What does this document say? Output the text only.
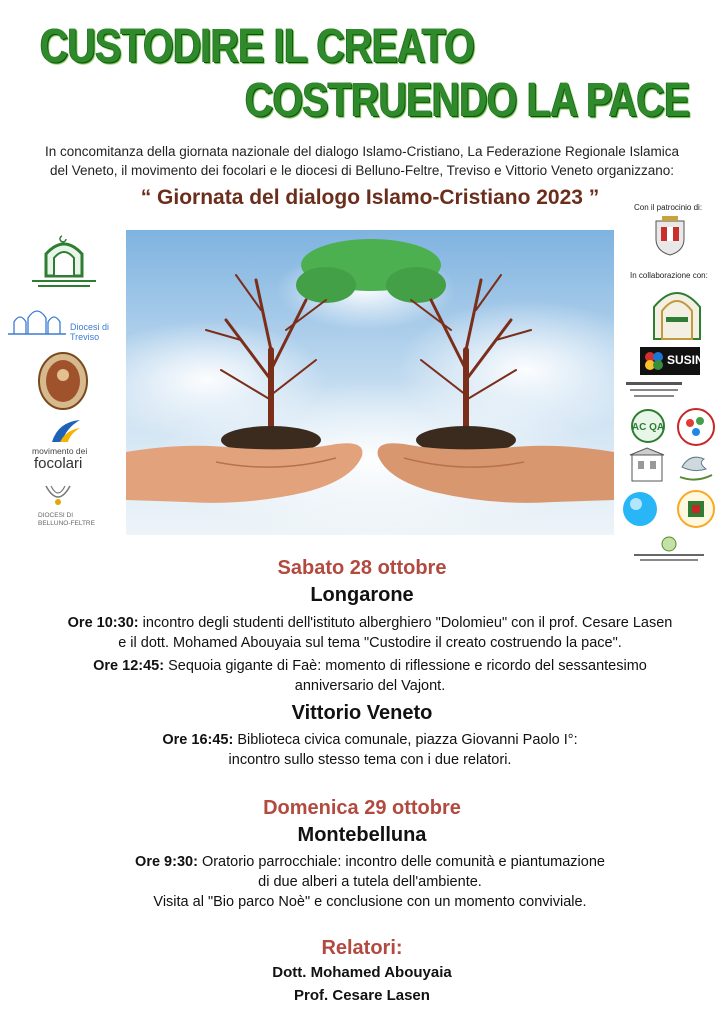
CUSTODIRE IL CREATO
COSTRUENDO LA PACE
In concomitanza della giornata nazionale del dialogo Islamo-Cristiano, La Federazione Regionale Islamica
del Veneto, il movimento dei focolari e le diocesi di Belluno-Feltre, Treviso e Vittorio Veneto organizzano:
“ Giornata del dialogo Islamo-Cristiano 2023 ”	Con il patrocinio di:
In collaborazione con:
SUSIN
AC QA
Diocesi di Treviso
movimento dei
focolari
DIOCESI DI
BELLUNO-FELTRE
Sabato 28 ottobre
Longarone
Ore 10:30: incontro degli studenti dell'istituto alberghiero "Dolomieu" con il prof. Cesare Lasen
e il dott. Mohamed Abouyaia sul tema "Custodire il creato costruendo la pace".
Ore 12:45: Sequoia gigante di Faè: momento di riflessione e ricordo del sessantesimo
anniversario del Vajont.
Vittorio Veneto
Ore 16:45: Biblioteca civica comunale, piazza Giovanni Paolo I°:
incontro sullo stesso tema con i due relatori.
Domenica 29 ottobre
Montebelluna
Ore 9:30: Oratorio parrocchiale: incontro delle comunità e piantumazione
di due alberi a tutela dell'ambiente.
Visita al "Bio parco Noè" e conclusione con un momento conviviale.
Relatori:
Dott. Mohamed Abouyaia
Prof. Cesare Lasen
